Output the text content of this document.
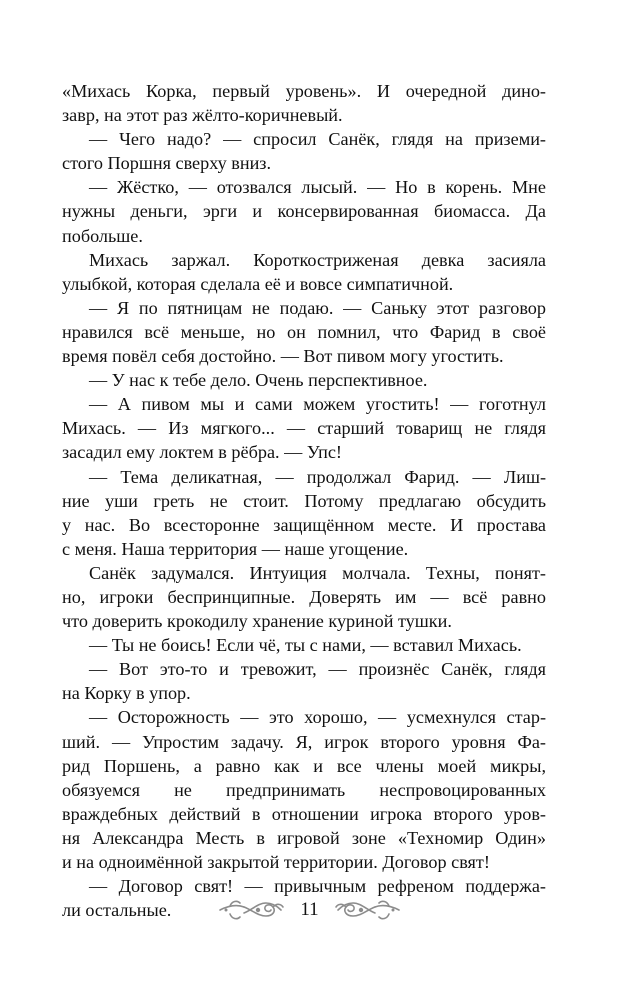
«Михась Корка, первый уровень». И очередной дино-
завр, на этот раз жёлто-коричневый.
— Чего надо? — спросил Санёк, глядя на приземи-
стого Поршня сверху вниз.
— Жёстко, — отозвался лысый. — Но в корень. Мне
нужны деньги, эрги и консервированная биомасса. Да
побольше.
Михась заржал. Короткостриженая девка засияла
улыбкой, которая сделала её и вовсе симпатичной.
— Я по пятницам не подаю. — Саньку этот разговор
нравился всё меньше, но он помнил, что Фарид в своё
время повёл себя достойно. — Вот пивом могу угостить.
— У нас к тебе дело. Очень перспективное.
— А пивом мы и сами можем угостить! — гоготнул
Михась. — Из мягкого... — старший товарищ не глядя
засадил ему локтем в рёбра. — Упс!
— Тема деликатная, — продолжал Фарид. — Лиш-
ние уши греть не стоит. Потому предлагаю обсудить
у нас. Во всесторонне защищённом месте. И простава
с меня. Наша территория — наше угощение.
Санёк задумался. Интуиция молчала. Техны, понят-
но, игроки беспринципные. Доверять им — всё равно
что доверить крокодилу хранение куриной тушки.
— Ты не боись! Если чё, ты с нами, — вставил Михась.
— Вот это-то и тревожит, — произнёс Санёк, глядя
на Корку в упор.
— Осторожность — это хорошо, — усмехнулся стар-
ший. — Упростим задачу. Я, игрок второго уровня Фа-
рид Поршень, а равно как и все члены моей микры,
обязуемся не предпринимать неспровоцированных
враждебных действий в отношении игрока второго уров-
ня Александра Месть в игровой зоне «Техномир Один»
и на одноимённой закрытой территории. Договор свят!
— Договор свят! — привычным рефреном поддержа-
ли остальные.	11
